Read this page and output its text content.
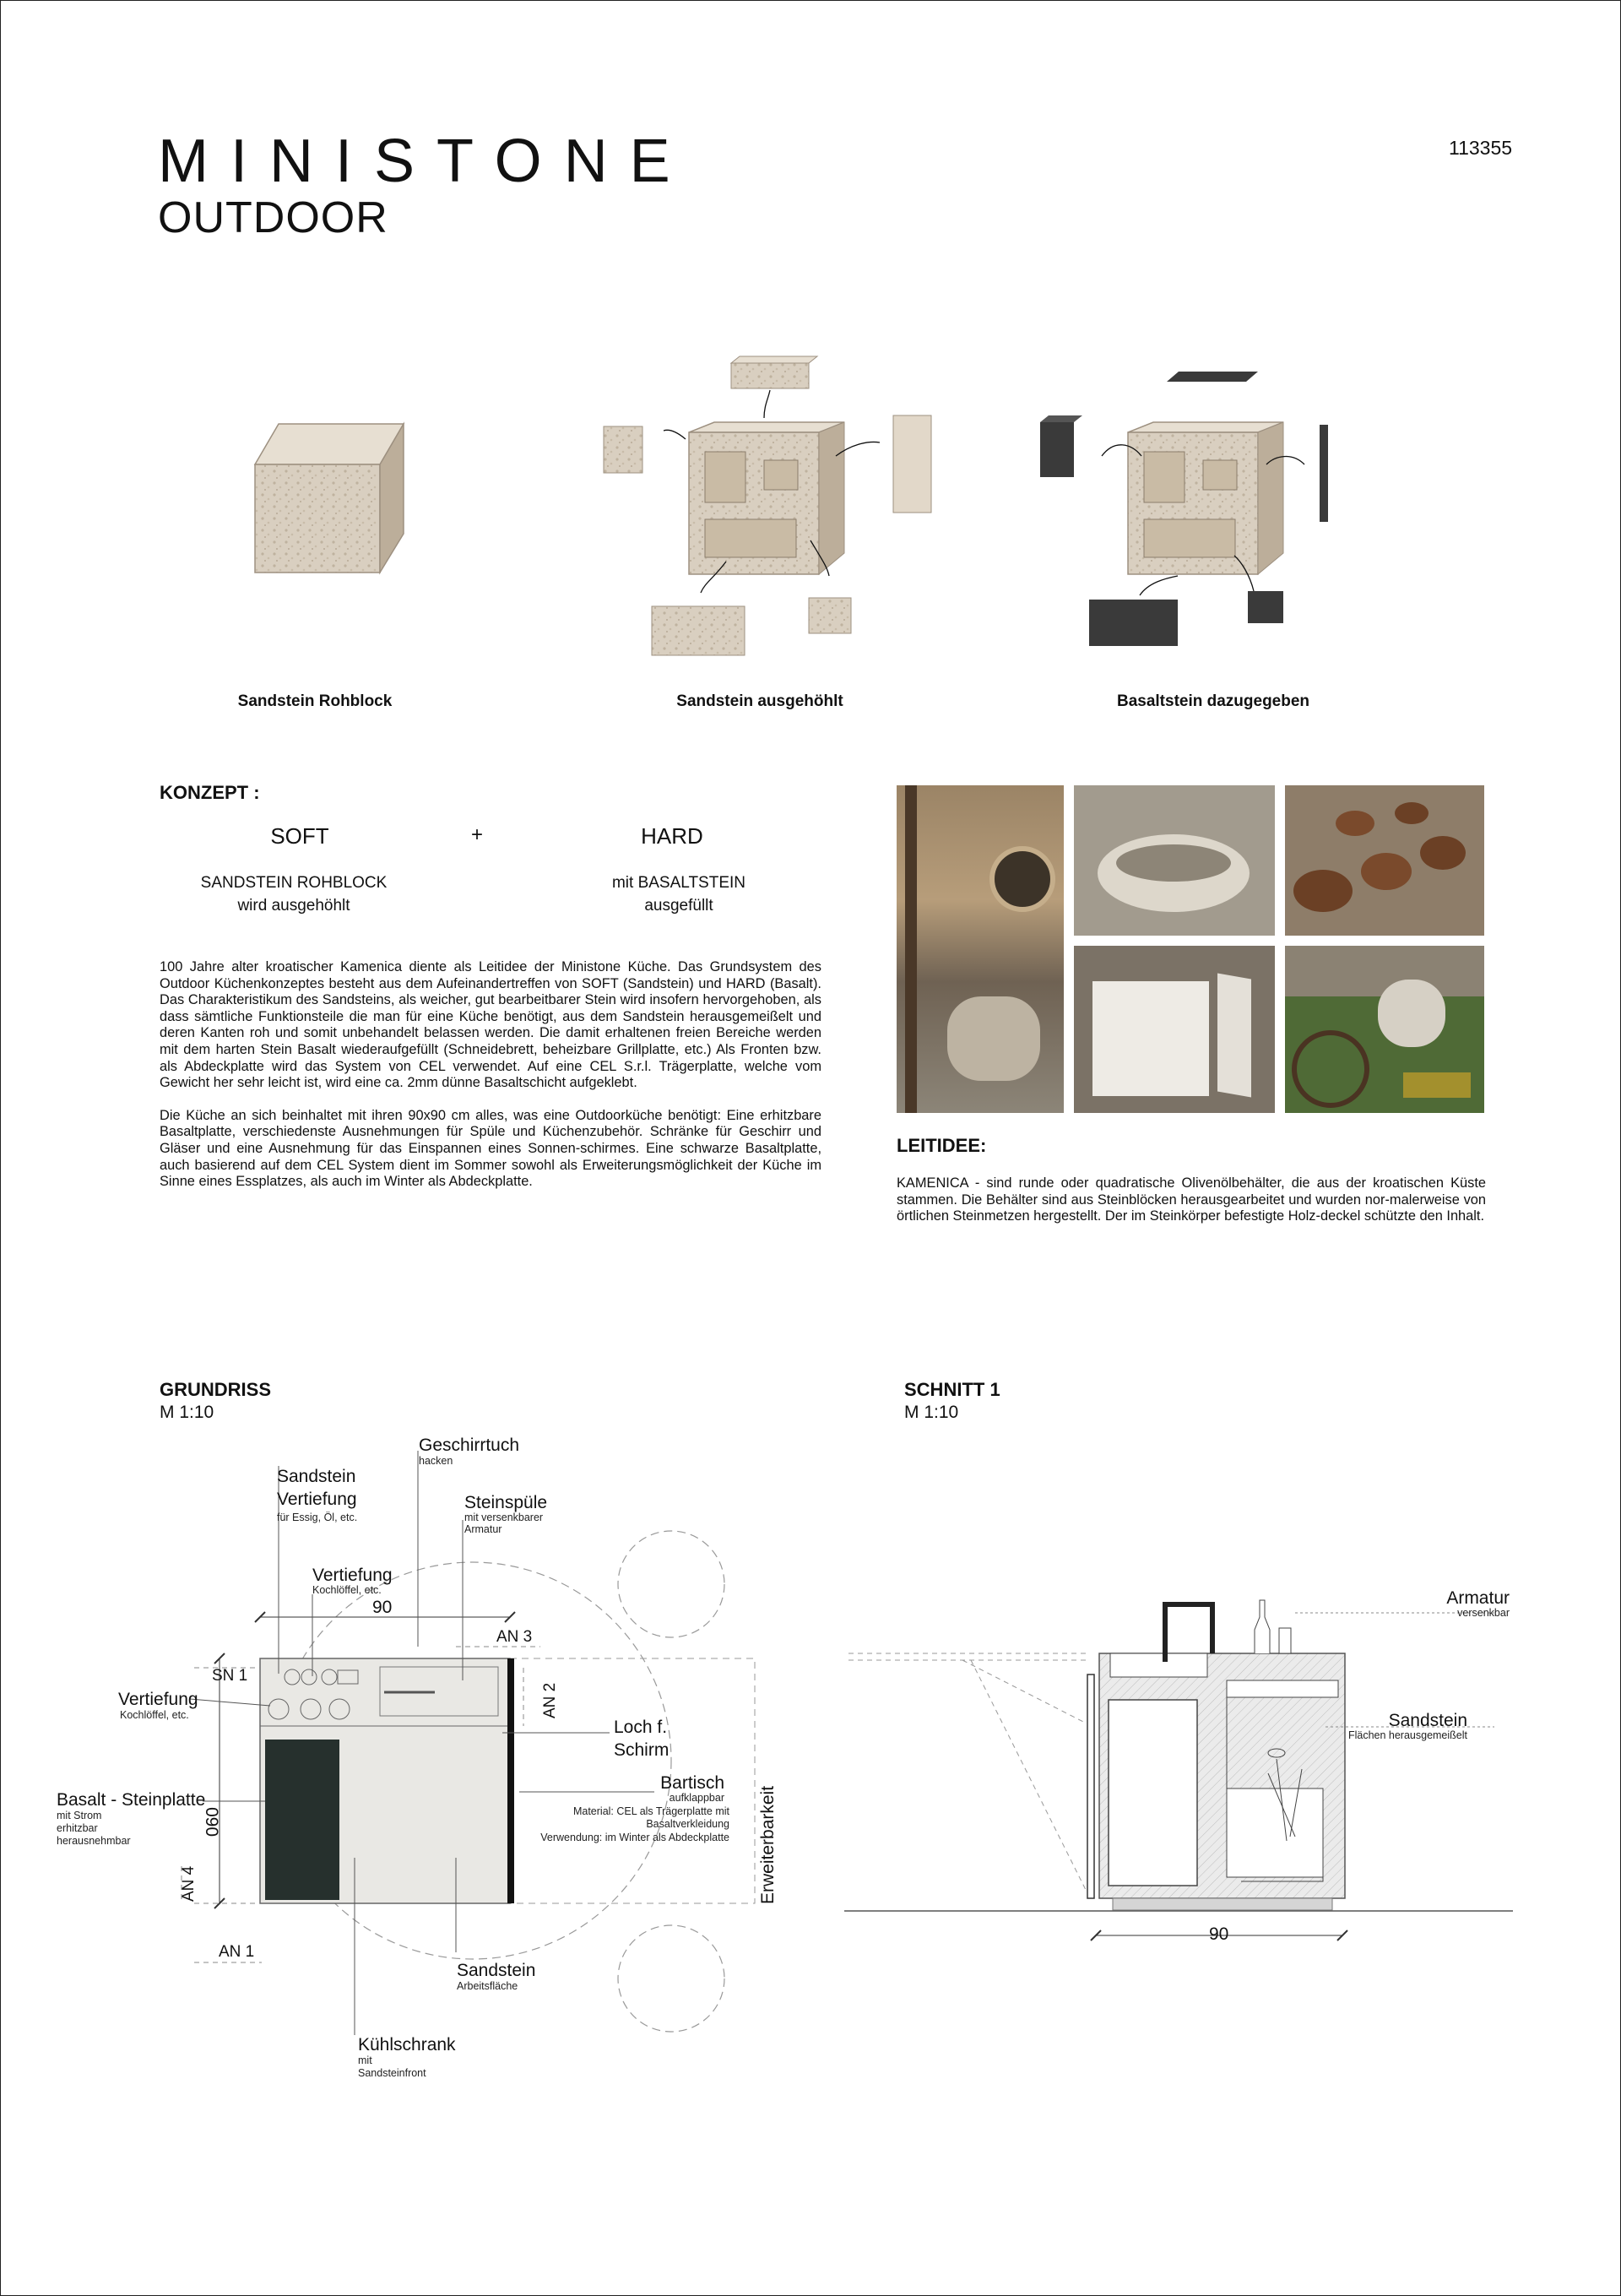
MINISTONE
OUTDOOR
113355
Sandstein Rohblock	Sandstein ausgehöhlt	Basaltstein dazugegeben
KONZEPT :
SOFT	+	HARD
SANDSTEIN ROHBLOCK
wird ausgehöhlt
mit BASALTSTEIN
ausgefüllt

100 Jahre alter kroatischer Kamenica diente als Leitidee der Ministone Küche. Das Grundsystem des Outdoor Küchenkonzeptes besteht aus dem Aufeinandertreffen von SOFT (Sandstein) und HARD (Basalt). Das Charakteristikum des Sandsteins, als weicher, gut bearbeitbarer Stein wird insofern hervorgehoben, als dass sämtliche Funktionsteile die man für eine Küche benötigt, aus dem Sandstein herausgemeißelt und deren Kanten roh und somit unbehandelt belassen werden. Die damit erhaltenen freien Bereiche werden mit dem harten Stein Basalt wiederaufgefüllt (Schneidebrett, beheizbare Grillplatte, etc.) Als Fronten bzw. als Abdeckplatte wird das System von CEL verwendet. Auf eine CEL S.r.l. Trägerplatte, welche vom Gewicht her sehr leicht ist, wird eine ca. 2mm dünne Basaltschicht aufgeklebt.

Die Küche an sich beinhaltet mit ihren 90x90 cm alles, was eine Outdoorküche benötigt: Eine erhitzbare Basaltplatte, verschiedenste Ausnehmungen für Spüle und Küchenzubehör. Schränke für Geschirr und Gläser und eine Ausnehmung für das Einspannen eines Sonnen-schirmes. Eine schwarze Basaltplatte, auch basierend auf dem CEL System dient im Sommer sowohl als Erweiterungsmöglichkeit der Küche im Sinne eines Essplatzes, als auch im Winter als Abdeckplatte.

LEITIDEE:
KAMENICA - sind runde oder quadratische Olivenölbehälter, die aus der kroatischen Küste stammen. Die Behälter sind aus Steinblöcken herausgearbeitet und wurden nor-malerweise von örtlichen Steinmetzen hergestellt. Der im Steinkörper befestigte Holz-deckel schützte den Inhalt.
GRUNDRISS
M 1:10
SCHNITT 1
M 1:10
Geschirrtuch
hacken
Sandstein
Vertiefung
für Essig, Öl, etc.
Steinspüle
mit versenkbarer
Armatur
Vertiefung
Kochlöffel, etc.
90
AN 3
SN 1
AN 2
Vertiefung
Kochlöffel, etc.
Loch f.
Schirm
Bartisch
aufklappbar
Material: CEL als Trägerplatte mit
Basaltverkleidung
Verwendung: im Winter als Abdeckplatte Erweiterbarkeit
Basalt - Steinplatte
mit Strom
erhitzbar
herausnehmbar
090
AN 4
AN 1
Sandstein
Arbeitsfläche
Kühlschrank
mit
Sandsteinfront
Armatur
versenkbar
Sandstein
Flächen herausgemeißelt
90
